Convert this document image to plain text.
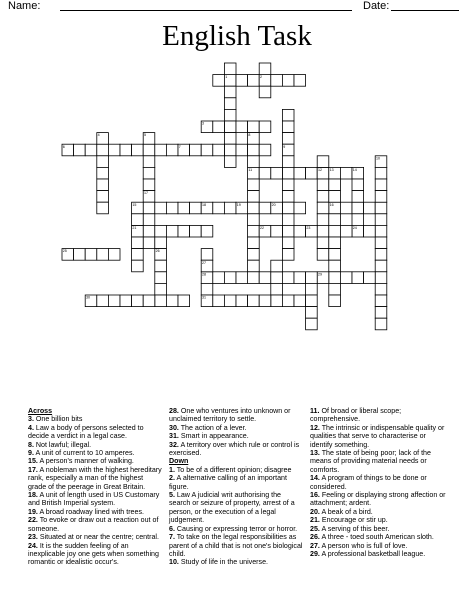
Name:	Date:
English Task
1	2
3
6	7
4	5
17
8
11
9
12 13
15	18	19	20	16
14
24
10
21	22	23
25	26
28	29
27
31
30
Across
3. One billion bits
4. Law a body of persons selected to decide a verdict in a legal case.
8. Not lawful; illegal.
9. A unit of current to 10 amperes.
15. A person's manner of walking.
17. A nobleman with the highest hereditary rank, especially a man of the highest grade of the peerage in Great Britain.
18. A unit of length used in US Customary and British Imperial system.
19. A broad roadway lined with trees.
22. To evoke or draw out a reaction out of someone.
23. Situated at or near the centre; central.
24. It is the sudden feeling of an inexplicable joy one gets when something romantic or idealistic occur's.
28. One who ventures into unknown or unclaimed territory to settle.
30. The action of a lever.
31. Smart in appearance.
32. A territory over which rule or control is exercised.
Down
1. To be of a different opinion; disagree
2. A alternative calling of an important figure.
5. Law A judicial writ authorising the search or seizure of property, arrest of a person, or the execution of a legal judgement.
6. Causing or expressing terror or horror.
7. To take on the legal responsibilities as parent of a child that is not one's biological child.
10. Study of life in the universe.
11. Of broad or liberal scope; comprehensive.
12. The intrinsic or indispensable quality or qualities that serve to characterise or identify something.
13. The state of being poor; lack of the means of providing material needs or comforts.
14. A program of things to be done or considered.
16. Feeling or displaying strong affection or attachment; ardent.
20. A beak of a bird.
21. Encourage or stir up.
25. A serving of this beer.
26. A three - toed south American sloth.
27. A person who is full of love.
29. A professional basketball league.
